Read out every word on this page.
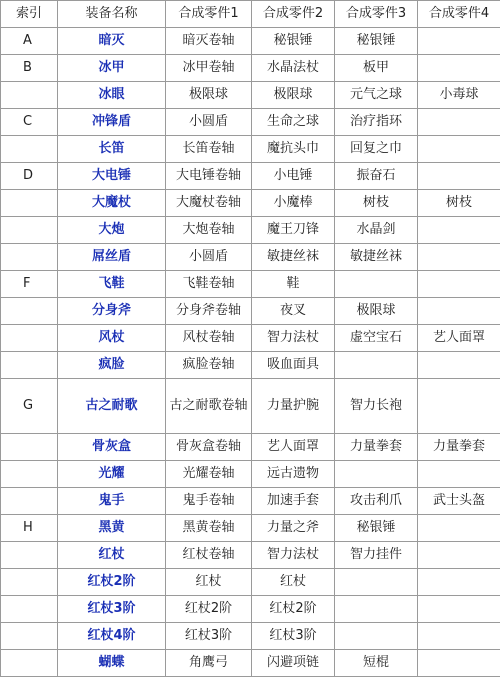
索引	装备名称	合成零件1	合成零件2	合成零件3	合成零件4
A	暗灭	暗灭卷轴	秘银锤	秘银锤	
B	冰甲	冰甲卷轴	水晶法杖	板甲	
	冰眼	极限球	极限球	元气之球	小毒球
C	冲锋盾	小圆盾	生命之球	治疗指环	
	长笛	长笛卷轴	魔抗头巾	回复之巾	
D	大电锤	大电锤卷轴	小电锤	振奋石	
	大魔杖	大魔杖卷轴	小魔棒	树枝	树枝
	大炮	大炮卷轴	魔王刀锋	水晶剑	
	屌丝盾	小圆盾	敏捷丝袜	敏捷丝袜	
F	飞鞋	飞鞋卷轴	鞋		
	分身斧	分身斧卷轴	夜叉	极限球	
	风杖	风杖卷轴	智力法杖	虚空宝石	艺人面罩
	疯脸	疯脸卷轴	吸血面具		
G	古之耐歌	古之耐歌卷轴	力量护腕	智力长袍	
	骨灰盒	骨灰盒卷轴	艺人面罩	力量拳套	力量拳套
	光耀	光耀卷轴	远古遗物		
	鬼手	鬼手卷轴	加速手套	攻击利爪	武士头盔
H	黑黄	黑黄卷轴	力量之斧	秘银锤	
	红杖	红杖卷轴	智力法杖	智力挂件	
	红杖2阶	红杖	红杖		
	红杖3阶	红杖2阶	红杖2阶		
	红杖4阶	红杖3阶	红杖3阶		
	蝴蝶	角鹰弓	闪避项链	短棍	
